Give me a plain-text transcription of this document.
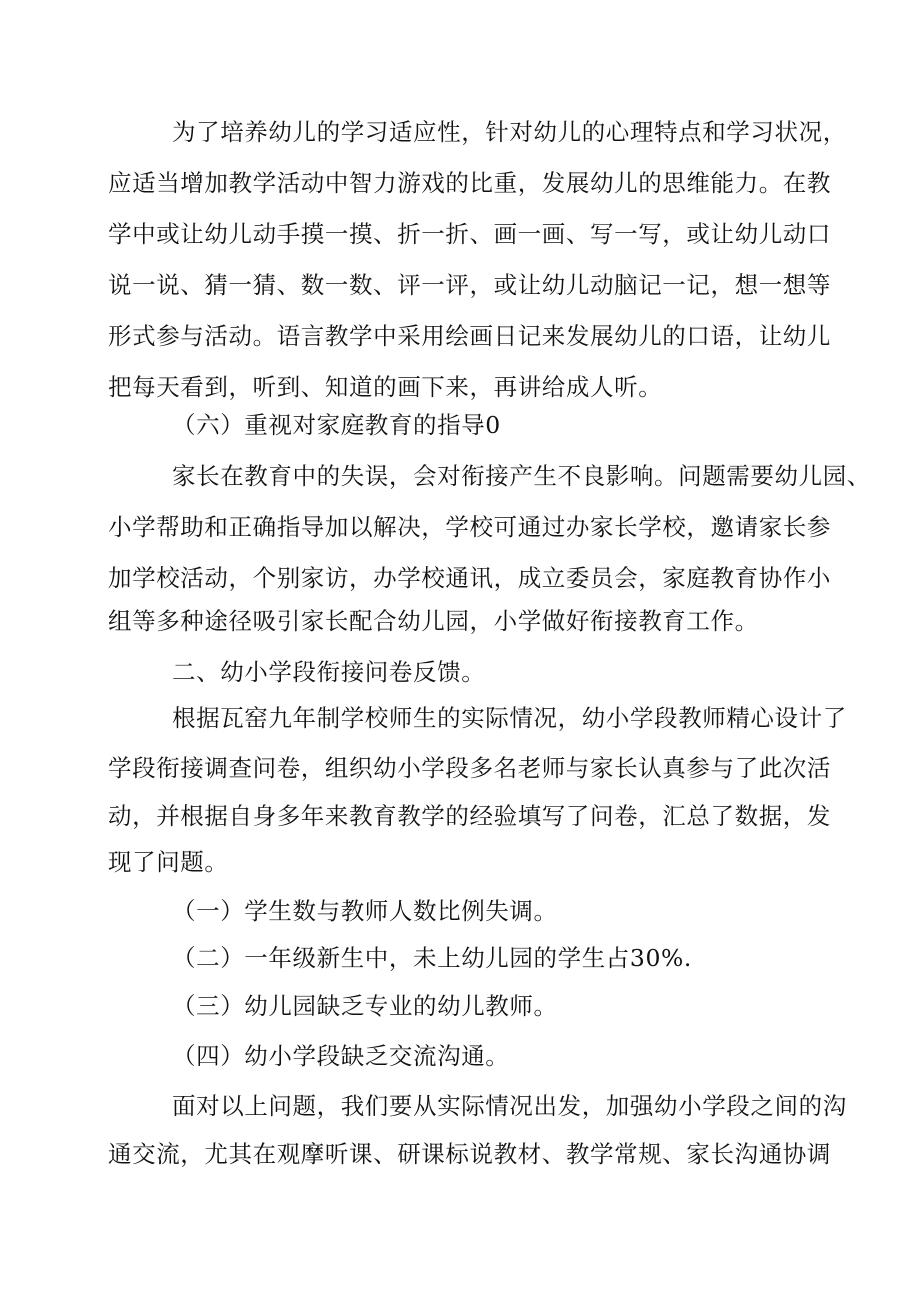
为了培养幼儿的学习适应性，针对幼儿的心理特点和学习状况，
应适当增加教学活动中智力游戏的比重，发展幼儿的思维能力。在教
学中或让幼儿动手摸一摸、折一折、画一画、写一写，或让幼儿动口
说一说、猜一猜、数一数、评一评，或让幼儿动脑记一记，想一想等
形式参与活动。语言教学中采用绘画日记来发展幼儿的口语，让幼儿
把每天看到，听到、知道的画下来，再讲给成人听。
（六）重视对家庭教育的指导0
家长在教育中的失误，会对衔接产生不良影响。问题需要幼儿园、
小学帮助和正确指导加以解决，学校可通过办家长学校，邀请家长参
加学校活动，个别家访，办学校通讯，成立委员会，家庭教育协作小
组等多种途径吸引家长配合幼儿园，小学做好衔接教育工作。
二、幼小学段衔接问卷反馈。
根据瓦窑九年制学校师生的实际情况，幼小学段教师精心设计了
学段衔接调查问卷，组织幼小学段多名老师与家长认真参与了此次活
动，并根据自身多年来教育教学的经验填写了问卷，汇总了数据，发
现了问题。
（一）学生数与教师人数比例失调。
（二）一年级新生中，未上幼儿园的学生占30%.
（三）幼儿园缺乏专业的幼儿教师。
（四）幼小学段缺乏交流沟通。
面对以上问题，我们要从实际情况出发，加强幼小学段之间的沟
通交流，尤其在观摩听课、研课标说教材、教学常规、家长沟通协调
